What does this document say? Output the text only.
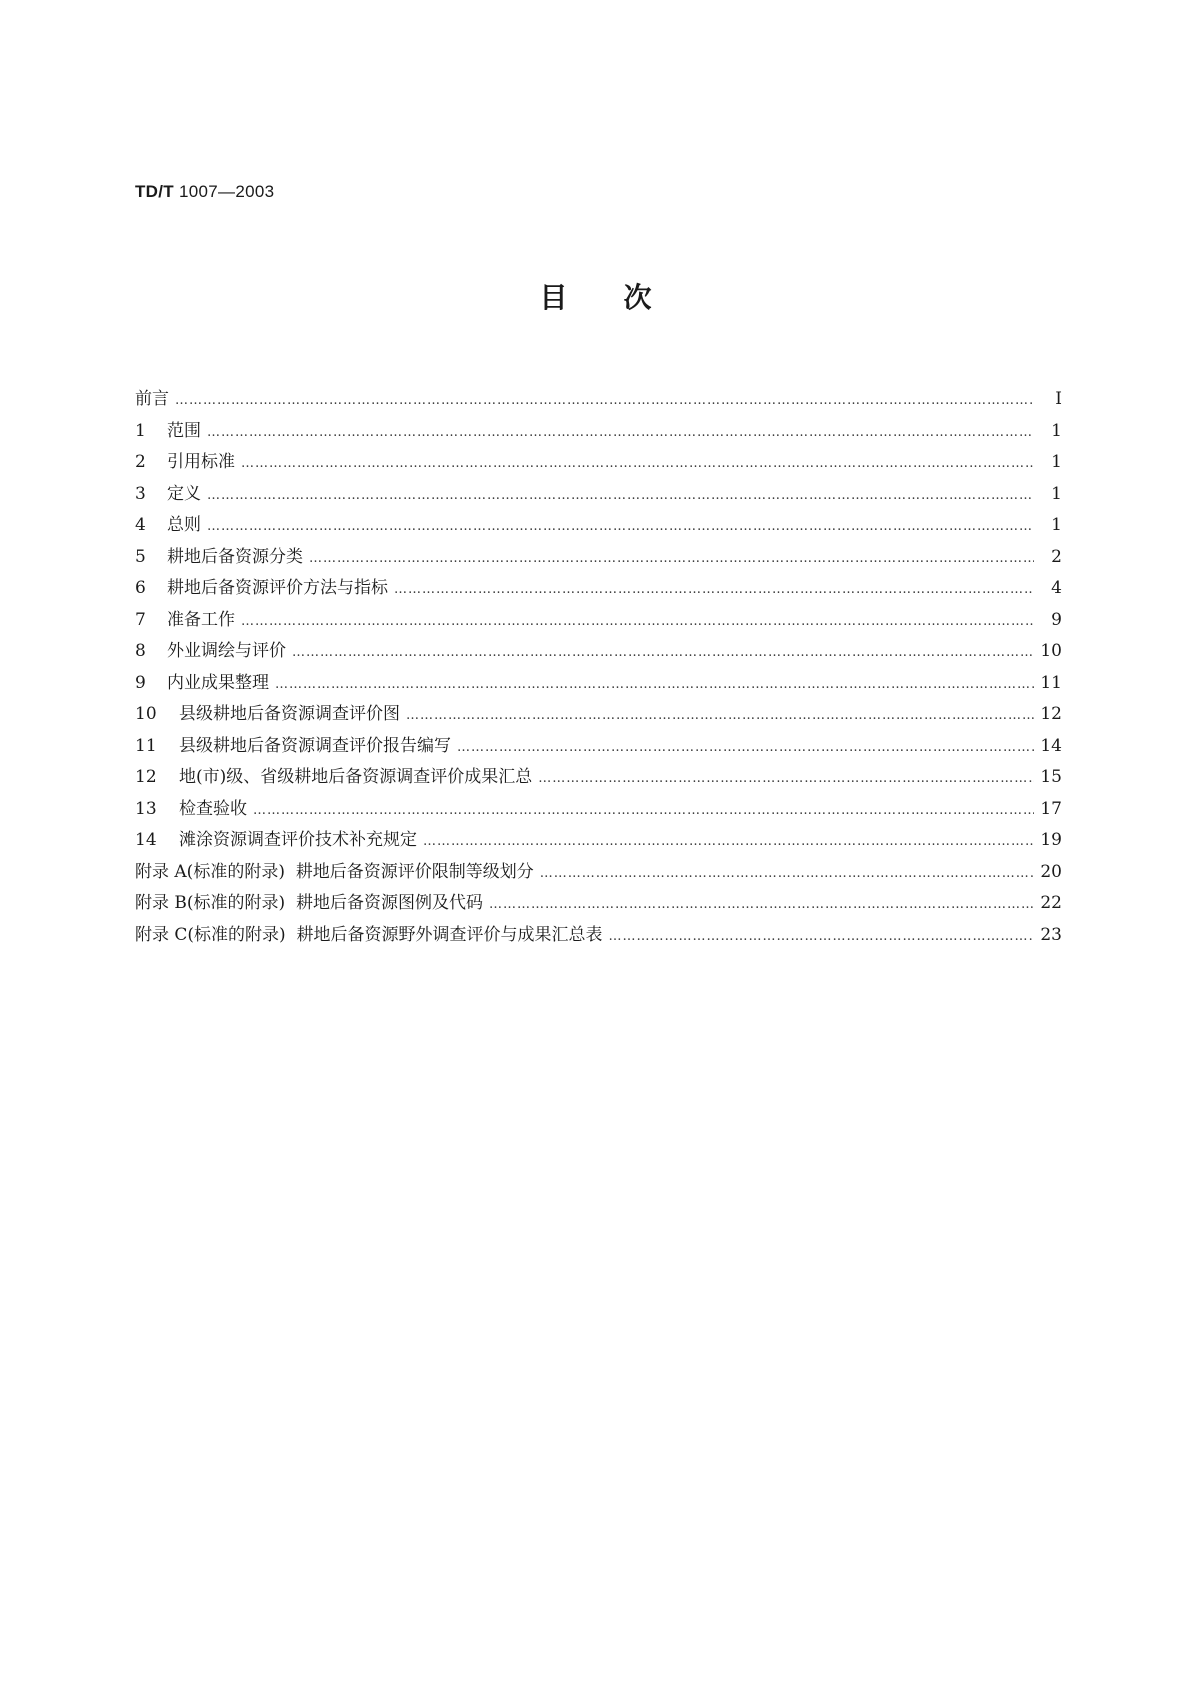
TD/T 1007—2003
目次
前言 ………………………………………………………………………………………………………………………………………………………………………………………………………………………………………………	I
1	范围 ………………………………………………………………………………………………………………………………………………………………………………………………………………………………………………	1
2	引用标准 ………………………………………………………………………………………………………………………………………………………………………………………………………………………………………………	1
3	定义 ………………………………………………………………………………………………………………………………………………………………………………………………………………………………………………	1
4	总则 ………………………………………………………………………………………………………………………………………………………………………………………………………………………………………………	1
5	耕地后备资源分类 ………………………………………………………………………………………………………………………………………………………………………………………………………………………………………………	2
6	耕地后备资源评价方法与指标 ………………………………………………………………………………………………………………………………………………………………………………………………………………………………………………	4
7	准备工作 ………………………………………………………………………………………………………………………………………………………………………………………………………………………………………………	9
8	外业调绘与评价 ………………………………………………………………………………………………………………………………………………………………………………………………………………………………………………	10
9	内业成果整理 ………………………………………………………………………………………………………………………………………………………………………………………………………………………………………………	11
10	县级耕地后备资源调查评价图 ………………………………………………………………………………………………………………………………………………………………………………………………………………………………………………	12
11	县级耕地后备资源调查评价报告编写 ………………………………………………………………………………………………………………………………………………………………………………………………………………………………………………	14
12	地(市)级、省级耕地后备资源调查评价成果汇总 ………………………………………………………………………………………………………………………………………………………………………………………………………………………………………………	15
13	检查验收 ………………………………………………………………………………………………………………………………………………………………………………………………………………………………………………	17
14	滩涂资源调查评价技术补充规定 ………………………………………………………………………………………………………………………………………………………………………………………………………………………………………………	19
附录 A(标准的附录)  耕地后备资源评价限制等级划分 ………………………………………………………………………………………………………………………………………………………………………………………………………………………………………………	20
附录 B(标准的附录)  耕地后备资源图例及代码 ………………………………………………………………………………………………………………………………………………………………………………………………………………………………………………	22
附录 C(标准的附录)  耕地后备资源野外调查评价与成果汇总表 ………………………………………………………………………………………………………………………………………………………………………………………………………………………………………………	23
